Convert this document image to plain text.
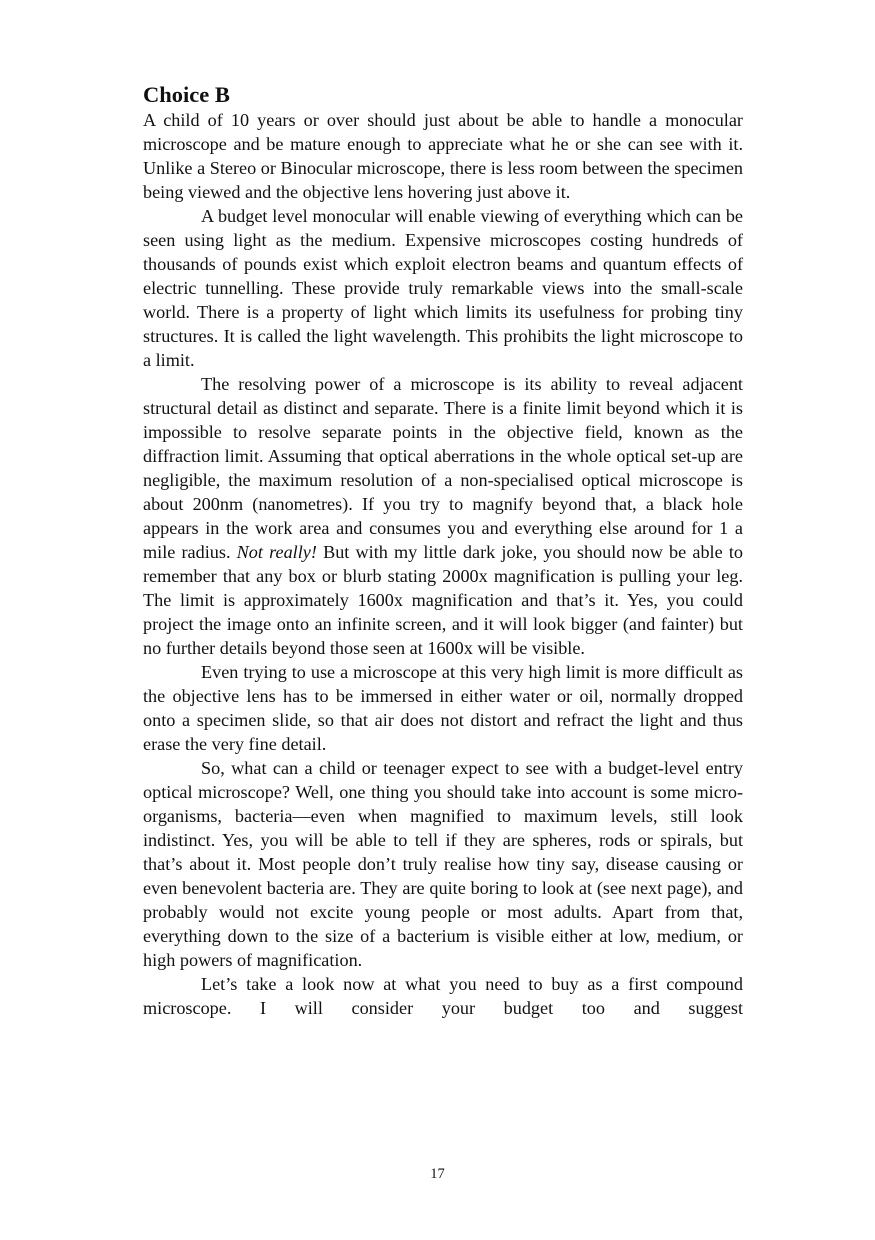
Choice B

A child of 10 years or over should just about be able to handle a monocular microscope and be mature enough to appreciate what he or she can see with it. Unlike a Stereo or Binocular microscope, there is less room between the specimen being viewed and the objective lens hovering just above it.

A budget level monocular will enable viewing of everything which can be seen using light as the medium. Expensive microscopes costing hundreds of thousands of pounds exist which exploit electron beams and quantum effects of electric tunnelling. These provide truly remarkable views into the small-scale world. There is a property of light which limits its usefulness for probing tiny structures. It is called the light wavelength. This prohibits the light microscope to a limit.

The resolving power of a microscope is its ability to reveal adjacent structural detail as distinct and separate. There is a finite limit beyond which it is impossible to resolve separate points in the objective field, known as the diffraction limit. Assuming that optical aberrations in the whole optical set-up are negligible, the maximum resolution of a non-specialised optical microscope is about 200nm (nanometres). If you try to magnify beyond that, a black hole appears in the work area and consumes you and everything else around for 1 a mile radius. Not really! But with my little dark joke, you should now be able to remember that any box or blurb stating 2000x magnification is pulling your leg. The limit is approximately 1600x magnification and that’s it. Yes, you could project the image onto an infinite screen, and it will look bigger (and fainter) but no further details beyond those seen at 1600x will be visible.

Even trying to use a microscope at this very high limit is more difficult as the objective lens has to be immersed in either water or oil, normally dropped onto a specimen slide, so that air does not distort and refract the light and thus erase the very fine detail.

So, what can a child or teenager expect to see with a budget-level entry optical microscope? Well, one thing you should take into account is some micro-organisms, bacteria—even when magnified to maximum levels, still look indistinct. Yes, you will be able to tell if they are spheres, rods or spirals, but that’s about it. Most people don’t truly realise how tiny say, disease causing or even benevolent bacteria are. They are quite boring to look at (see next page), and probably would not excite young people or most adults. Apart from that, everything down to the size of a bacterium is visible either at low, medium, or high powers of magnification.

Let’s take a look now at what you need to buy as a first compound microscope. I will consider your budget too and suggest

17
